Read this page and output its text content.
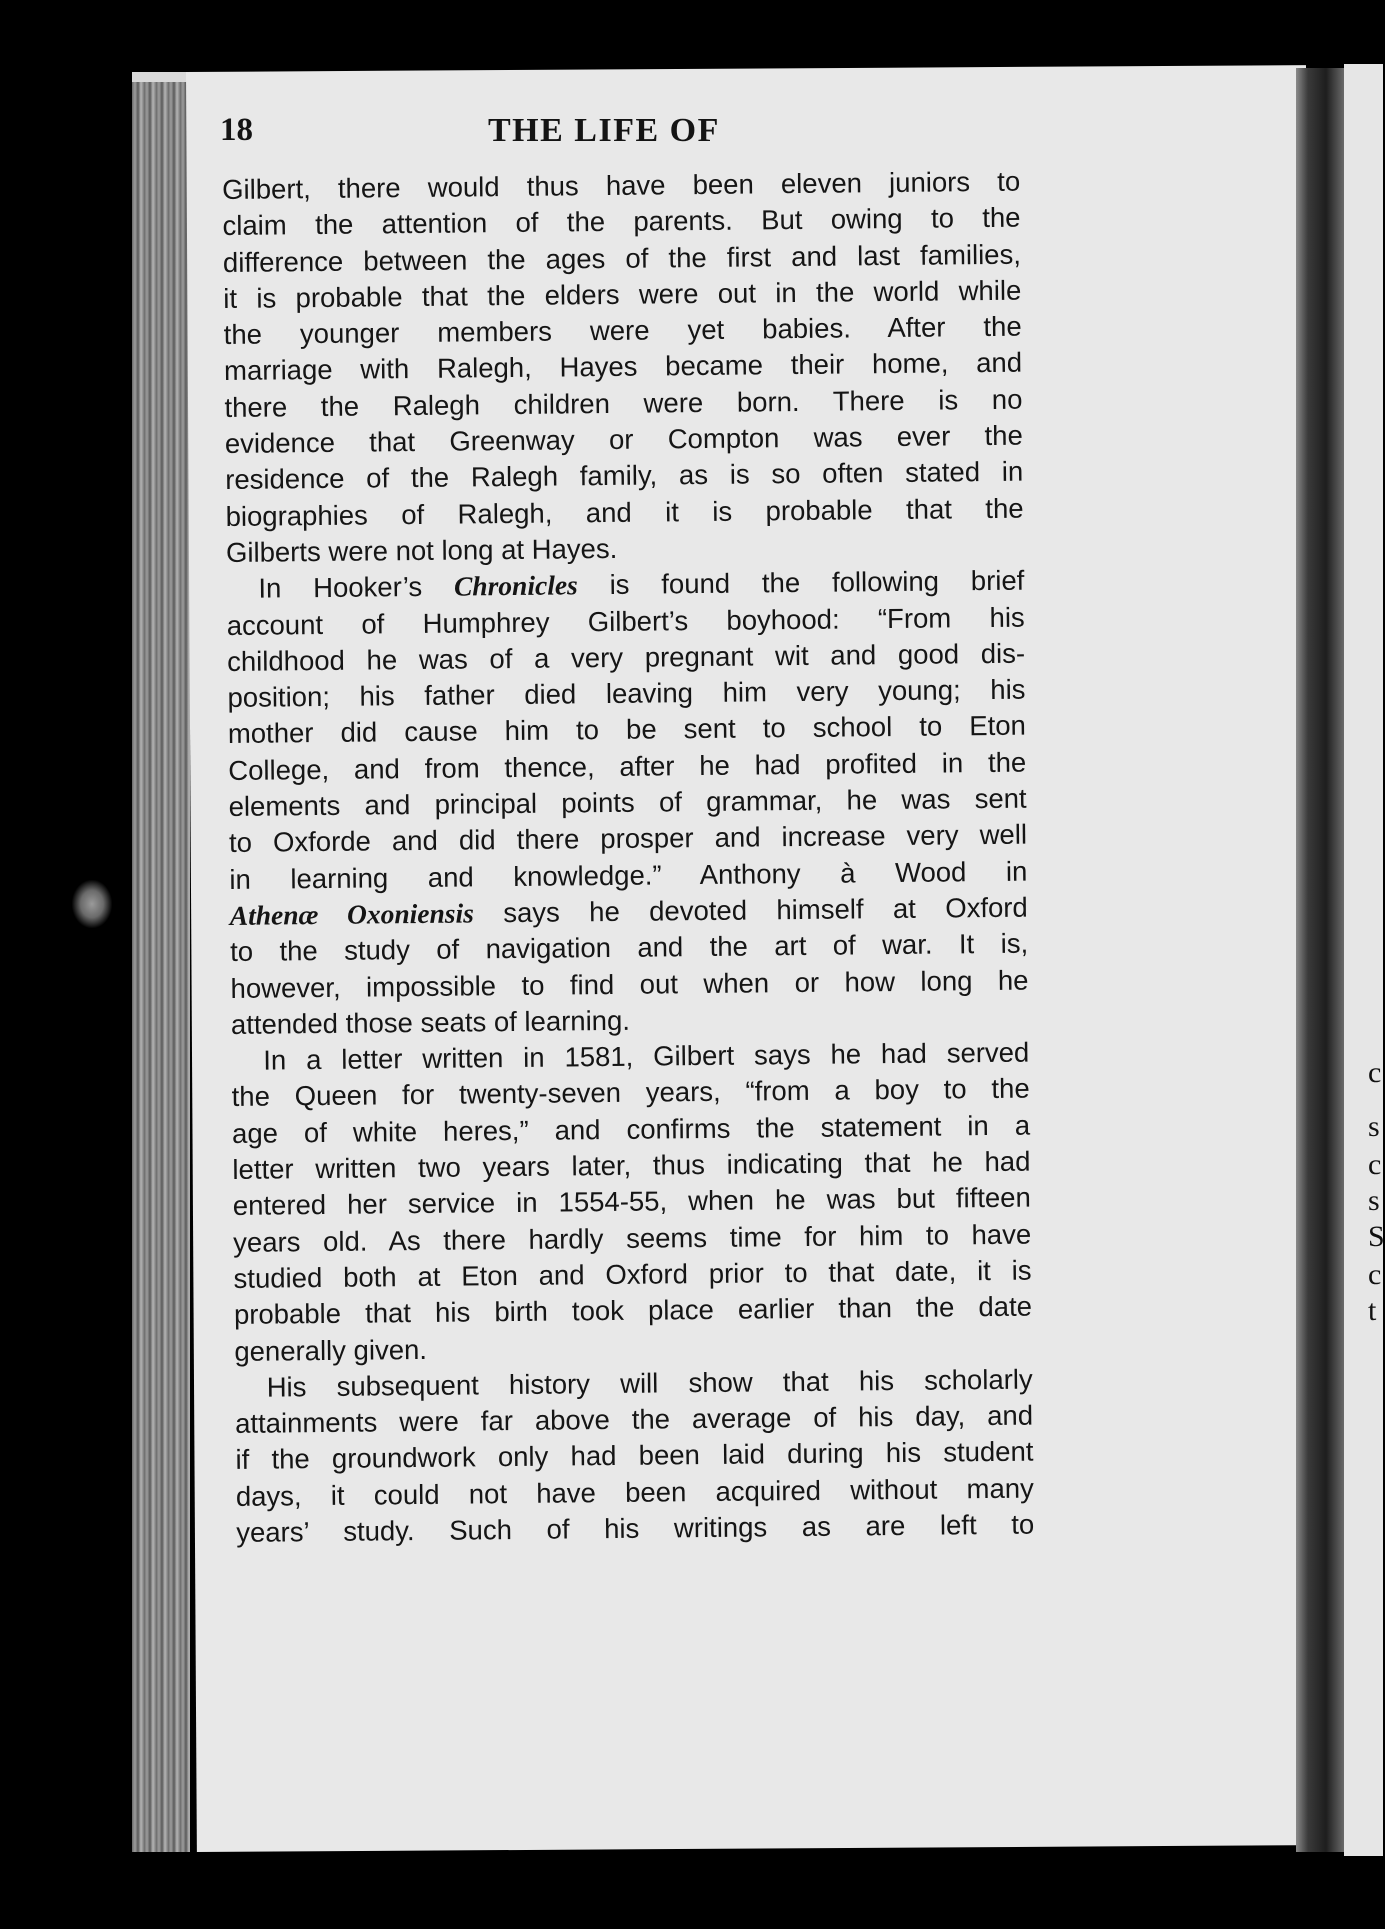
c
s
c
s
S
c
t
18	THE LIFE OF
Gilbert, there would thus have been eleven juniors to
claim the attention of the parents. But owing to the
difference between the ages of the first and last families,
it is probable that the elders were out in the world while
the younger members were yet babies. After the
marriage with Ralegh, Hayes became their home, and
there the Ralegh children were born. There is no
evidence that Greenway or Compton was ever the
residence of the Ralegh family, as is so often stated in
biographies of Ralegh, and it is probable that the
Gilberts were not long at Hayes.
In Hooker’s Chronicles is found the following brief
account of Humphrey Gilbert’s boyhood: “From his
childhood he was of a very pregnant wit and good dis-
position; his father died leaving him very young; his
mother did cause him to be sent to school to Eton
College, and from thence, after he had profited in the
elements and principal points of grammar, he was sent
to Oxforde and did there prosper and increase very well
in learning and knowledge.” Anthony à Wood in
Athenæ Oxoniensis says he devoted himself at Oxford
to the study of navigation and the art of war. It is,
however, impossible to find out when or how long he
attended those seats of learning.
In a letter written in 1581, Gilbert says he had served
the Queen for twenty-seven years, “from a boy to the
age of white heres,” and confirms the statement in a
letter written two years later, thus indicating that he had
entered her service in 1554-55, when he was but fifteen
years old. As there hardly seems time for him to have
studied both at Eton and Oxford prior to that date, it is
probable that his birth took place earlier than the date
generally given.
His subsequent history will show that his scholarly
attainments were far above the average of his day, and
if the groundwork only had been laid during his student
days, it could not have been acquired without many
years’ study. Such of his writings as are left to
